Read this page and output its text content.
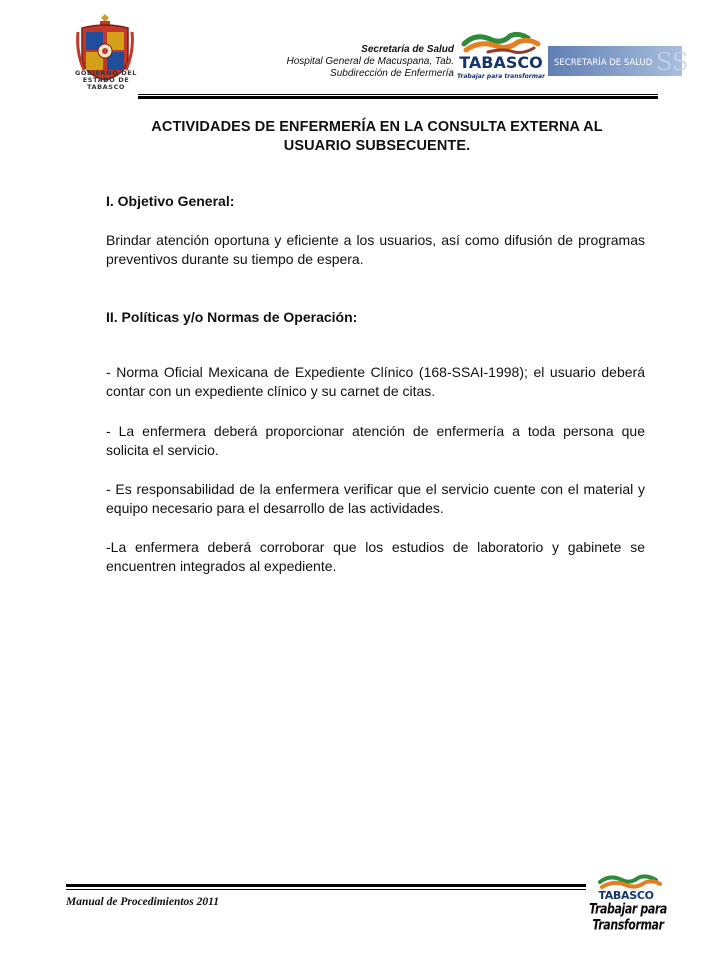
GOBIERNO DEL
ESTADO DE
TABASCO
Secretaría de Salud
Hospital General de Macuspana, Tab.
Subdirección de Enfermería
TABASCO
Trabajar para transformar
SS
SECRETARÍA DE SALUD
ACTIVIDADES DE ENFERMERÍA EN LA CONSULTA EXTERNA AL
USUARIO SUBSECUENTE.
I. Objetivo General:
Brindar atención oportuna y eficiente a los usuarios, así como difusión de programas preventivos durante su tiempo de espera.
II. Políticas y/o Normas de Operación:
- Norma Oficial Mexicana de Expediente Clínico (168-SSAI-1998); el usuario deberá contar con un expediente clínico y su carnet de citas.
- La enfermera deberá proporcionar atención de enfermería a toda persona que solicita el servicio.
- Es responsabilidad de la enfermera verificar que el servicio cuente con el material y equipo necesario para el desarrollo de las actividades.
-La enfermera deberá corroborar que los estudios de laboratorio y gabinete se encuentren integrados al expediente.
Manual de Procedimientos 2011	TABASCO
Trabajar para Transformar
